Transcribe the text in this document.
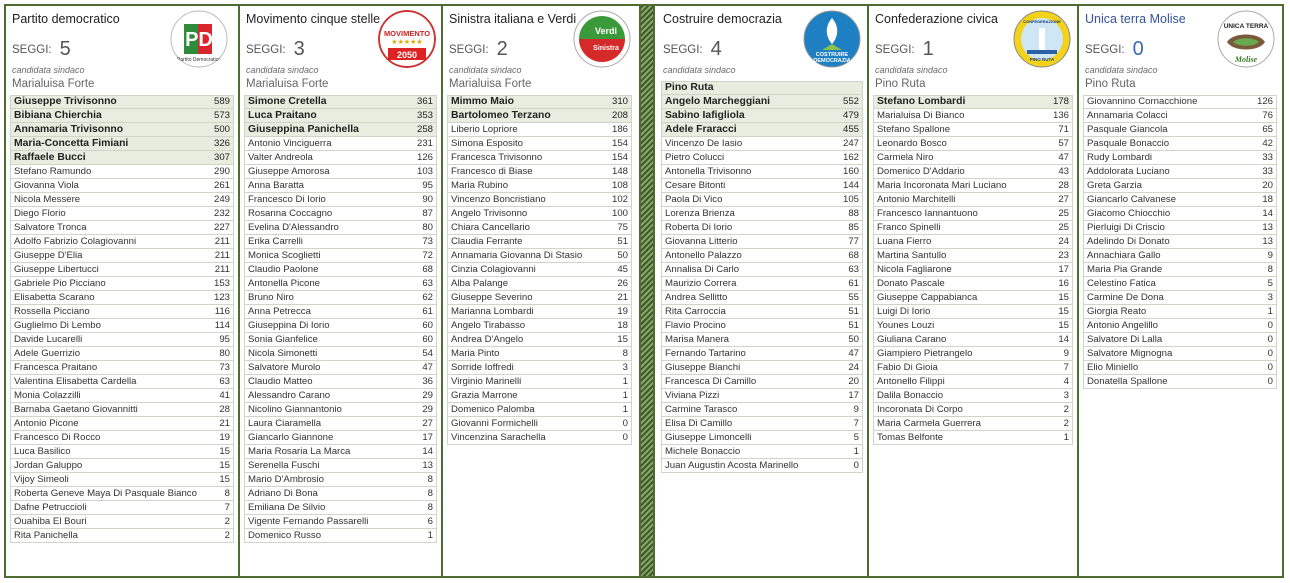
Partito democratico
SEGGI: 5
candidata sindaco
Marialuisa Forte
PD
Partito Democratico
Giuseppe Trivisonno	589
Bibiana Chierchia	573
Annamaria Trivisonno	500
Maria-Concetta Fimiani	326
Raffaele Bucci	307
Stefano Ramundo	290
Giovanna Viola	261
Nicola Messere	249
Diego Florio	232
Salvatore Tronca	227
Adolfo Fabrizio Colagiovanni	211
Giuseppe D'Elia	211
Giuseppe Libertucci	211
Gabriele Pio Picciano	153
Elisabetta Scarano	123
Rossella Picciano	116
Guglielmo Di Lembo	114
Davide Lucarelli	95
Adele Guerrizio	80
Francesca Praitano	73
Valentina Elisabetta Cardella	63
Monia Colazzilli	41
Barnaba Gaetano Giovannitti	28
Antonio Picone	21
Francesco Di Rocco	19
Luca Basilico	15
Jordan Galuppo	15
Vijoy Simeoli	15
Roberta Geneve Maya Di Pasquale Bianco	8
Dafne Petruccioli	7
Ouahiba El Bouri	2
Rita Panichella	2
Movimento cinque stelle
SEGGI: 3
candidata sindaco
Marialuisa Forte
MOVIMENTO
★★★★★
2050
Simone Cretella	361
Luca Praitano	353
Giuseppina Panichella	258
Antonio Vinciguerra	231
Valter Andreola	126
Giuseppe Amorosa	103
Anna Baratta	95
Francesco Di Iorio	90
Rosanna Coccagno	87
Evelina D'Alessandro	80
Erika Carrelli	73
Monica Scoglietti	72
Claudio Paolone	68
Antonella Picone	63
Bruno Niro	62
Anna Petrecca	61
Giuseppina Di Iorio	60
Sonia Gianfelice	60
Nicola Simonetti	54
Salvatore Murolo	47
Claudio Matteo	36
Alessandro Carano	29
Nicolino Giannantonio	29
Laura Ciaramella	27
Giancarlo Giannone	17
Maria Rosaria La Marca	14
Serenella Fuschi	13
Mario D'Ambrosio	8
Adriano Di Bona	8
Emiliana De Silvio	8
Vigente Fernando Passarelli	6
Domenico Russo	1
Sinistra italiana e Verdi
SEGGI: 2
candidata sindaco
Marialuisa Forte
Verdi
Sinistra
Mimmo Maio	310
Bartolomeo Terzano	208
Liberio Lopriore	186
Simona Esposito	154
Francesca Trivisonno	154
Francesco di Biase	148
Maria Rubino	108
Vincenzo Boncristiano	102
Angelo Trivisonno	100
Chiara Cancellario	75
Claudia Ferrante	51
Annamaria Giovanna Di Stasio	50
Cinzia Colagiovanni	45
Alba Palange	26
Giuseppe Severino	21
Marianna Lombardi	19
Angelo Tirabasso	18
Andrea D'Angelo	15
Maria Pinto	8
Sorride Ioffredi	3
Virginio Marinelli	1
Grazia Marrone	1
Domenico Palomba	1
Giovanni Formichelli	0
Vincenzina Sarachella	0
Costruire democrazia
SEGGI: 4
candidata sindaco
COSTRUIRE
DEMOCRAZIA
Pino Ruta
Angelo Marcheggiani	552
Sabino Iafigliola	479
Adele Fraracci	455
Vincenzo De Iasio	247
Pietro Colucci	162
Antonella Trivisonno	160
Cesare Bitonti	144
Paola Di Vico	105
Lorenza Brienza	88
Roberta Di Iorio	85
Giovanna Litterio	77
Antonello Palazzo	68
Annalisa Di Carlo	63
Maurizio Correra	61
Andrea Sellitto	55
Rita Carroccia	51
Flavio Procino	51
Marisa Manera	50
Fernando Tartarino	47
Giuseppe Bianchi	24
Francesca Di Camillo	20
Viviana Pizzi	17
Carmine Tarasco	9
Elisa Di Camillo	7
Giuseppe Limoncelli	5
Michele Bonaccio	1
Juan Augustin Acosta Marinello	0
Confederazione civica
SEGGI: 1
candidata sindaco
Pino Ruta
CONFEDERAZIONE
PINO RUTA
Stefano Lombardi	178
Marialuisa Di Bianco	136
Stefano Spallone	71
Leonardo Bosco	57
Carmela Niro	47
Domenico D'Addario	43
Maria Incoronata Mari Luciano	28
Antonio Marchitelli	27
Francesco Iannantuono	25
Franco Spinelli	25
Luana Fierro	24
Martina Santullo	23
Nicola Fagliarone	17
Donato Pascale	16
Giuseppe Cappabianca	15
Luigi Di Iorio	15
Younes Louzi	15
Giuliana Carano	14
Giampiero Pietrangelo	9
Fabio Di Gioia	7
Antonello Filippi	4
Dalila Bonaccio	3
Incoronata Di Corpo	2
Maria Carmela Guerrera	2
Tomas Belfonte	1
Unica terra Molise
SEGGI: 0
candidata sindaco
Pino Ruta
UNICA TERRA
Molise
Giovannino Cornacchione	126
Annamaria Colacci	76
Pasquale Giancola	65
Pasquale Bonaccio	42
Rudy Lombardi	33
Addolorata Luciano	33
Greta Garzia	20
Giancarlo Calvanese	18
Giacomo Chiocchio	14
Pierluigi Di Criscio	13
Adelindo Di Donato	13
Annachiara Gallo	9
Maria Pia Grande	8
Celestino Fatica	5
Carmine De Dona	3
Giorgia Reato	1
Antonio Angelillo	0
Salvatore Di Lalla	0
Salvatore Mignogna	0
Elio Miniello	0
Donatella Spallone	0
